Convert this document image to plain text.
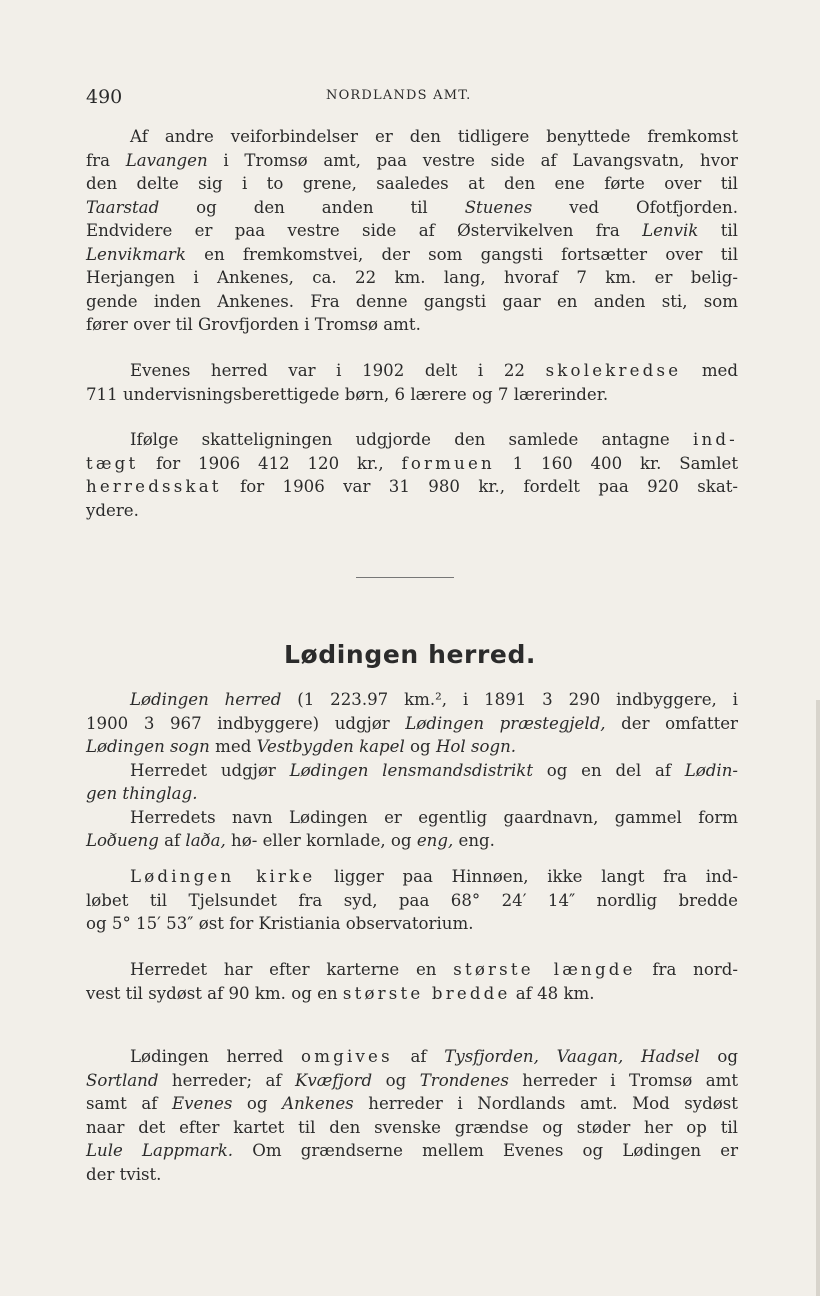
490	NORDLANDS AMT.
Af andre veiforbindelser er den tidligere benyttede fremkomst
fra Lavangen i Tromsø amt, paa vestre side af Lavangsvatn, hvor
den delte sig i to grene, saaledes at den ene førte over til
Taarstad og den anden til Stuenes ved Ofotfjorden.
Endvidere er paa vestre side af Østervikelven fra Lenvik til
Lenvikmark en fremkomstvei, der som gangsti fortsætter over til
Herjangen i Ankenes, ca. 22 km. lang, hvoraf 7 km. er belig-
gende inden Ankenes. Fra denne gangsti gaar en anden sti, som
fører over til Grovfjorden i Tromsø amt.
Evenes herred var i 1902 delt i 22 skolekredse med
711 undervisningsberettigede børn, 6 lærere og 7 lærerinder.
Ifølge skatteligningen udgjorde den samlede antagne ind-
tægt for 1906 412 120 kr., formuen 1 160 400 kr. Samlet
herredsskat for 1906 var 31 980 kr., fordelt paa 920 skat-
ydere.
Lødingen herred.
Lødingen herred (1 223.97 km.², i 1891 3 290 indbyggere, i
1900 3 967 indbyggere) udgjør Lødingen præstegjeld, der omfatter
Lødingen sogn med Vestbygden kapel og Hol sogn.
Herredet udgjør Lødingen lensmandsdistrikt og en del af Lødin-
gen thinglag.
Herredets navn Lødingen er egentlig gaardnavn, gammel form
Loðueng af laða, hø- eller kornlade, og eng, eng.
Lødingen kirke ligger paa Hinnøen, ikke langt fra ind-
løbet til Tjelsundet fra syd, paa 68° 24′ 14″ nordlig bredde
og 5° 15′ 53″ øst for Kristiania observatorium.
Herredet har efter karterne en største længde fra nord-
vest til sydøst af 90 km. og en største bredde af 48 km.
Lødingen herred omgives af Tysfjorden, Vaagan, Hadsel og
Sortland herreder; af Kvæfjord og Trondenes herreder i Tromsø amt
samt af Evenes og Ankenes herreder i Nordlands amt. Mod sydøst
naar det efter kartet til den svenske grændse og støder her op til
Lule Lappmark. Om grændserne mellem Evenes og Lødingen er
der tvist.
